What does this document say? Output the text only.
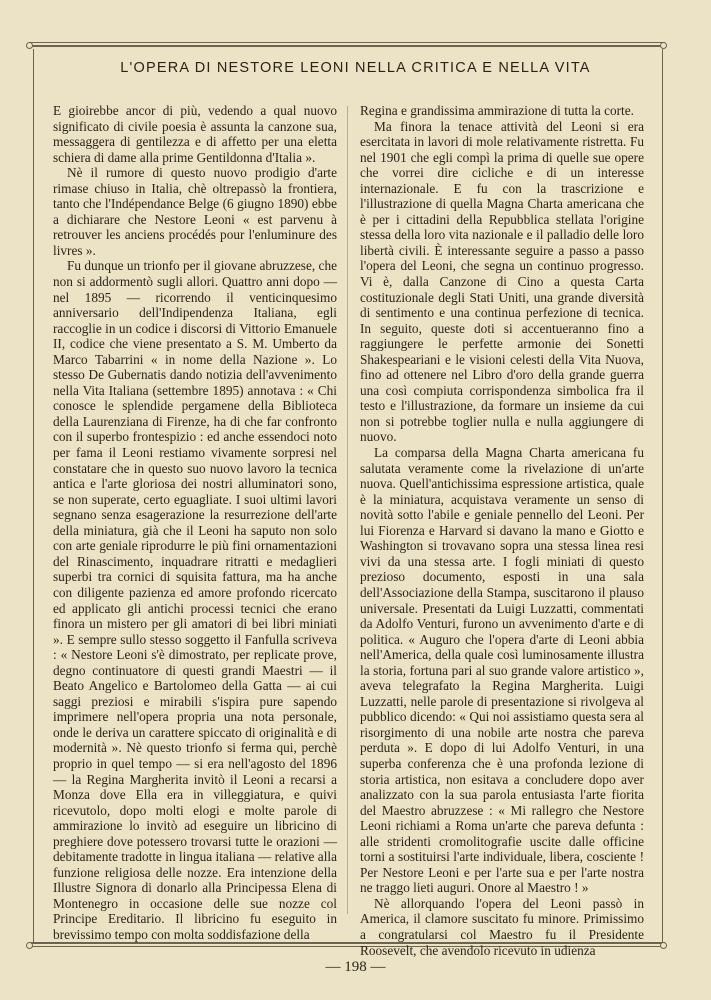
L'OPERA DI NESTORE LEONI NELLA CRITICA E NELLA VITA

E gioirebbe ancor di più, vedendo a qual nuovo significato di civile poesia è assunta la canzone sua, messaggera di gentilezza e di affetto per una eletta schiera di dame alla prime Gentildonna d'Italia ».

Nè il rumore di questo nuovo prodigio d'arte rimase chiuso in Italia, chè oltrepassò la frontiera, tanto che l'Indépendance Belge (6 giugno 1890) ebbe a dichiarare che Nestore Leoni « est parvenu à retrouver les anciens procédés pour l'enluminure des livres ».

Fu dunque un trionfo per il giovane abruzzese, che non si addormentò sugli allori. Quattro anni dopo — nel 1895 — ricorrendo il venticinquesimo anniversario dell'Indipendenza Italiana, egli raccoglie in un codice i discorsi di Vittorio Emanuele II, codice che viene presentato a S. M. Umberto da Marco Tabarrini « in nome della Nazione ». Lo stesso De Gubernatis dando notizia dell'avvenimento nella Vita Italiana (settembre 1895) annotava : « Chi conosce le splendide pergamene della Biblioteca della Laurenziana di Firenze, ha di che far confronto con il superbo frontespizio : ed anche essendoci noto per fama il Leoni restiamo vivamente sorpresi nel constatare che in questo suo nuovo lavoro la tecnica antica e l'arte gloriosa dei nostri alluminatori sono, se non superate, certo eguagliate. I suoi ultimi lavori segnano senza esagerazione la resurrezione dell'arte della miniatura, già che il Leoni ha saputo non solo con arte geniale riprodurre le più fini ornamentazioni del Rinascimento, inquadrare ritratti e medaglieri superbi tra cornici di squisita fattura, ma ha anche con diligente pazienza ed amore profondo ricercato ed applicato gli antichi processi tecnici che erano finora un mistero per gli amatori di bei libri miniati ». E sempre sullo stesso soggetto il Fanfulla scriveva : « Nestore Leoni s'è dimostrato, per replicate prove, degno continuatore di questi grandi Maestri — il Beato Angelico e Bartolomeo della Gatta — ai cui saggi preziosi e mirabili s'ispira pure sapendo imprimere nell'opera propria una nota personale, onde le deriva un carattere spiccato di originalità e di modernità ». Nè questo trionfo si ferma qui, perchè proprio in quel tempo — si era nell'agosto del 1896 — la Regina Margherita invitò il Leoni a recarsi a Monza dove Ella era in villeggiatura, e quivi ricevutolo, dopo molti elogi e molte parole di ammirazione lo invitò ad eseguire un libricino di preghiere dove potessero trovarsi tutte le orazioni — debitamente tradotte in lingua italiana — relative alla funzione religiosa delle nozze. Era intenzione della Illustre Signora di donarlo alla Principessa Elena di Montenegro in occasione delle sue nozze col Principe Ereditario. Il libricino fu eseguito in brevissimo tempo con molta soddisfazione della

Regina e grandissima ammirazione di tutta la corte.

Ma finora la tenace attività del Leoni si era esercitata in lavori di mole relativamente ristretta. Fu nel 1901 che egli compì la prima di quelle sue opere che vorrei dire cicliche e di un interesse internazionale. E fu con la trascrizione e l'illustrazione di quella Magna Charta americana che è per i cittadini della Repubblica stellata l'origine stessa della loro vita nazionale e il palladio delle loro libertà civili. È interessante seguire a passo a passo l'opera del Leoni, che segna un continuo progresso. Vi è, dalla Canzone di Cino a questa Carta costituzionale degli Stati Uniti, una grande diversità di sentimento e una continua perfezione di tecnica. In seguito, queste doti si accentueranno fino a raggiungere le perfette armonie dei Sonetti Shakespeariani e le visioni celesti della Vita Nuova, fino ad ottenere nel Libro d'oro della grande guerra una così compiuta corrispondenza simbolica fra il testo e l'illustrazione, da formare un insieme da cui non si potrebbe toglier nulla e nulla aggiungere di nuovo.

La comparsa della Magna Charta americana fu salutata veramente come la rivelazione di un'arte nuova. Quell'antichissima espressione artistica, quale è la miniatura, acquistava veramente un senso di novità sotto l'abile e geniale pennello del Leoni. Per lui Fiorenza e Harvard si davano la mano e Giotto e Washington si trovavano sopra una stessa linea resi vivi da una stessa arte. I fogli miniati di questo prezioso documento, esposti in una sala dell'Associazione della Stampa, suscitarono il plauso universale. Presentati da Luigi Luzzatti, commentati da Adolfo Venturi, furono un avvenimento d'arte e di politica. « Auguro che l'opera d'arte di Leoni abbia nell'America, della quale così luminosamente illustra la storia, fortuna pari al suo grande valore artistico », aveva telegrafato la Regina Margherita. Luigi Luzzatti, nelle parole di presentazione si rivolgeva al pubblico dicendo: « Qui noi assistiamo questa sera al risorgimento di una nobile arte nostra che pareva perduta ». E dopo di lui Adolfo Venturi, in una superba conferenza che è una profonda lezione di storia artistica, non esitava a concludere dopo aver analizzato con la sua parola entusiasta l'arte fiorita del Maestro abruzzese : « Mi rallegro che Nestore Leoni richiami a Roma un'arte che pareva defunta : alle stridenti cromolitografie uscite dalle officine torni a sostituirsi l'arte individuale, libera, cosciente ! Per Nestore Leoni e per l'arte sua e per l'arte nostra ne traggo lieti auguri. Onore al Maestro ! »

Nè allorquando l'opera del Leoni passò in America, il clamore suscitato fu minore. Primissimo a congratularsi col Maestro fu il Presidente Roosevelt, che avendolo ricevuto in udienza

— 198 —
